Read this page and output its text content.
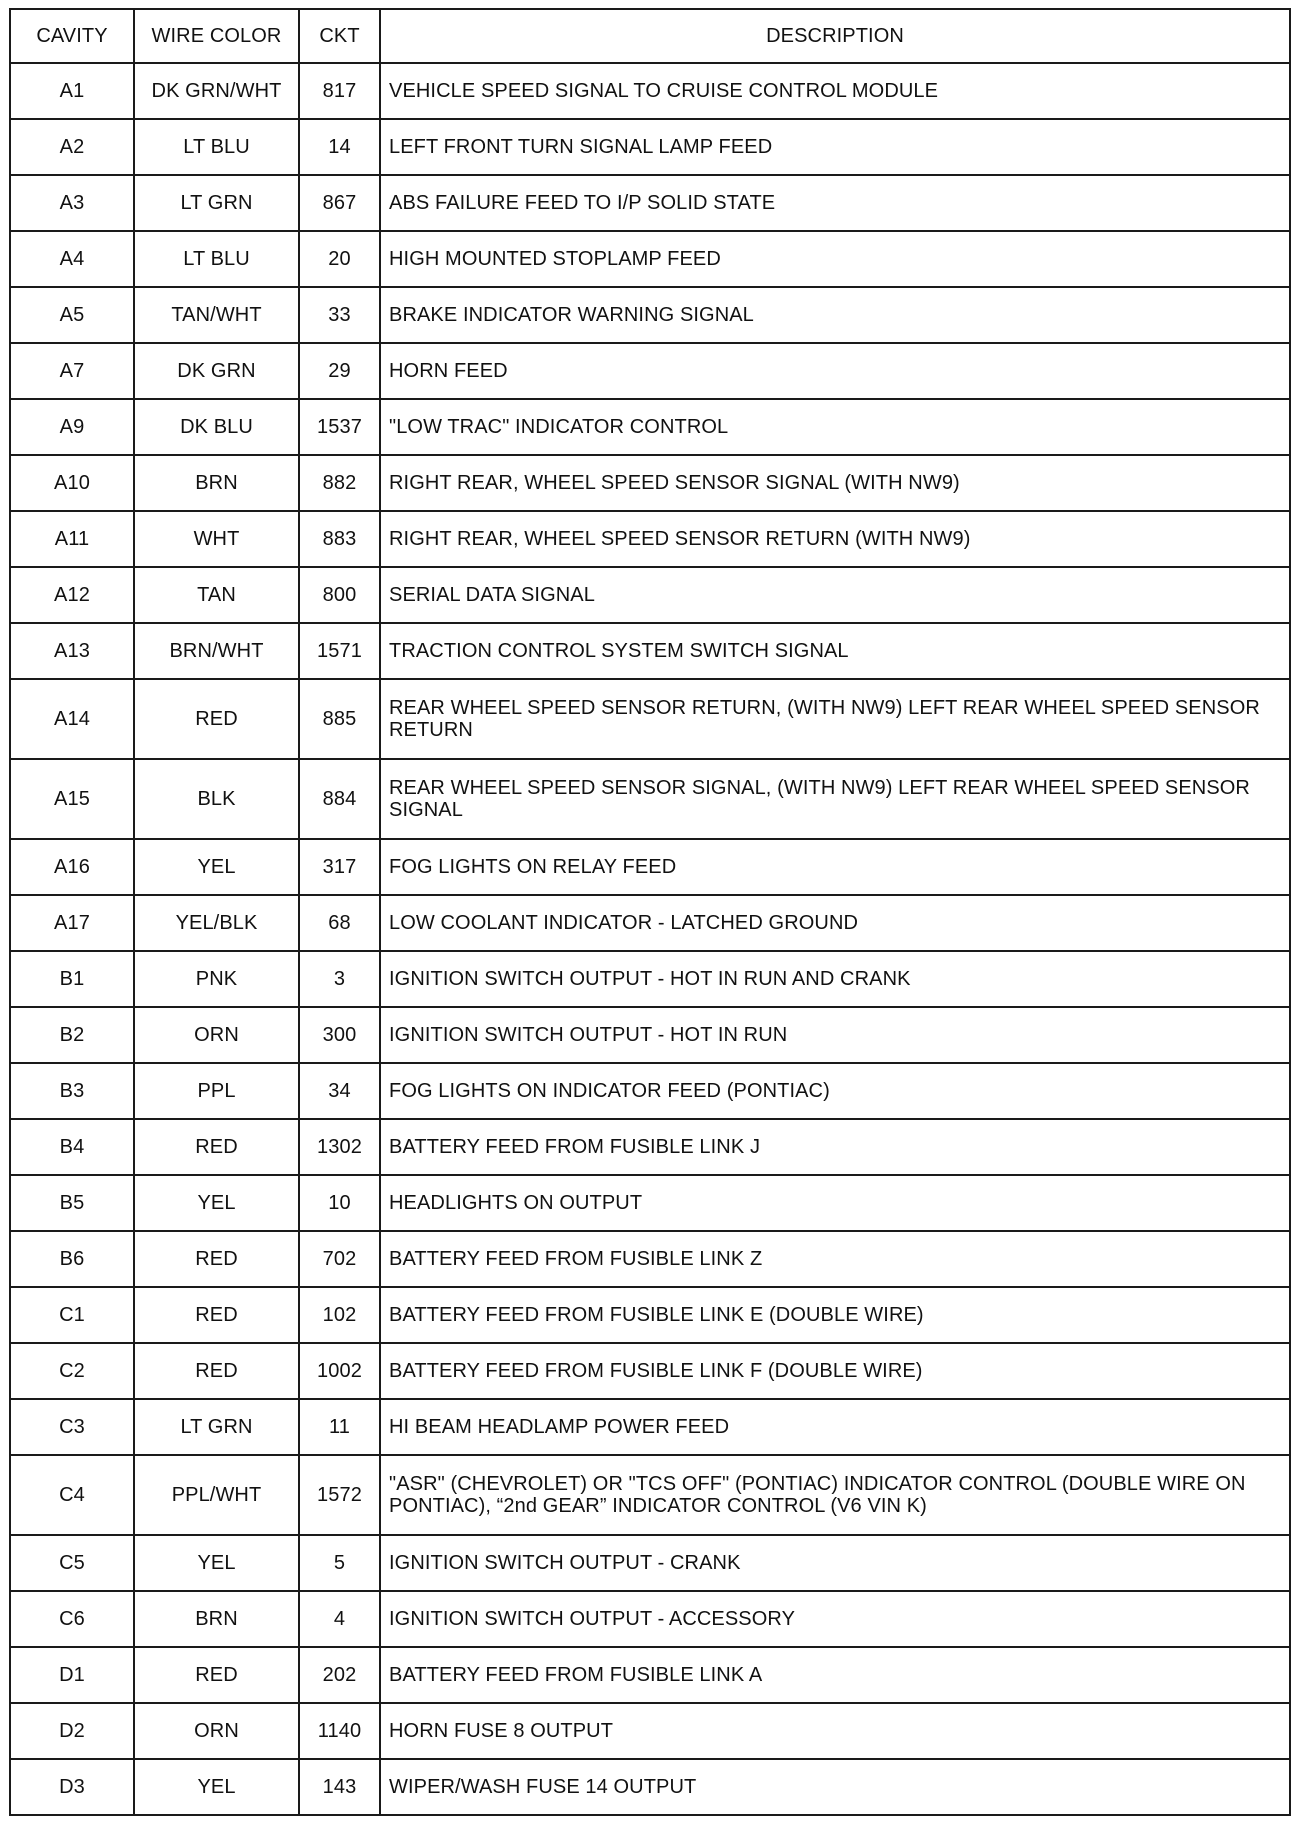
CAVITY	WIRE COLOR	CKT	DESCRIPTION
A1	DK GRN/WHT	817	VEHICLE SPEED SIGNAL TO CRUISE CONTROL MODULE

A2	LT BLU	14	LEFT FRONT TURN SIGNAL LAMP FEED

A3	LT GRN	867	ABS FAILURE FEED TO I/P SOLID STATE

A4	LT BLU	20	HIGH MOUNTED STOPLAMP FEED

A5	TAN/WHT	33	BRAKE INDICATOR WARNING SIGNAL

A7	DK GRN	29	HORN FEED

A9	DK BLU	1537	"LOW TRAC" INDICATOR CONTROL

A10	BRN	882	RIGHT REAR, WHEEL SPEED SENSOR SIGNAL (WITH NW9)

A11	WHT	883	RIGHT REAR, WHEEL SPEED SENSOR RETURN (WITH NW9)

A12	TAN	800	SERIAL DATA SIGNAL

A13	BRN/WHT	1571	TRACTION CONTROL SYSTEM SWITCH SIGNAL

A14	RED	885	REAR WHEEL SPEED SENSOR RETURN, (WITH NW9) LEFT REAR WHEEL SPEED SENSOR RETURN

A15	BLK	884	REAR WHEEL SPEED SENSOR SIGNAL, (WITH NW9) LEFT REAR WHEEL SPEED SENSOR SIGNAL

A16	YEL	317	FOG LIGHTS ON RELAY FEED

A17	YEL/BLK	68	LOW COOLANT INDICATOR - LATCHED GROUND

B1	PNK	3	IGNITION SWITCH OUTPUT - HOT IN RUN AND CRANK

B2	ORN	300	IGNITION SWITCH OUTPUT - HOT IN RUN

B3	PPL	34	FOG LIGHTS ON INDICATOR FEED (PONTIAC)

B4	RED	1302	BATTERY FEED FROM FUSIBLE LINK J

B5	YEL	10	HEADLIGHTS ON OUTPUT

B6	RED	702	BATTERY FEED FROM FUSIBLE LINK Z

C1	RED	102	BATTERY FEED FROM FUSIBLE LINK E (DOUBLE WIRE)

C2	RED	1002	BATTERY FEED FROM FUSIBLE LINK F (DOUBLE WIRE)

C3	LT GRN	11	HI BEAM HEADLAMP POWER FEED

C4	PPL/WHT	1572	"ASR" (CHEVROLET) OR "TCS OFF" (PONTIAC) INDICATOR CONTROL (DOUBLE WIRE ON PONTIAC), “2nd GEAR” INDICATOR CONTROL (V6 VIN K)

C5	YEL	5	IGNITION SWITCH OUTPUT - CRANK

C6	BRN	4	IGNITION SWITCH OUTPUT - ACCESSORY

D1	RED	202	BATTERY FEED FROM FUSIBLE LINK A

D2	ORN	1140	HORN FUSE 8 OUTPUT

D3	YEL	143	WIPER/WASH FUSE 14 OUTPUT
